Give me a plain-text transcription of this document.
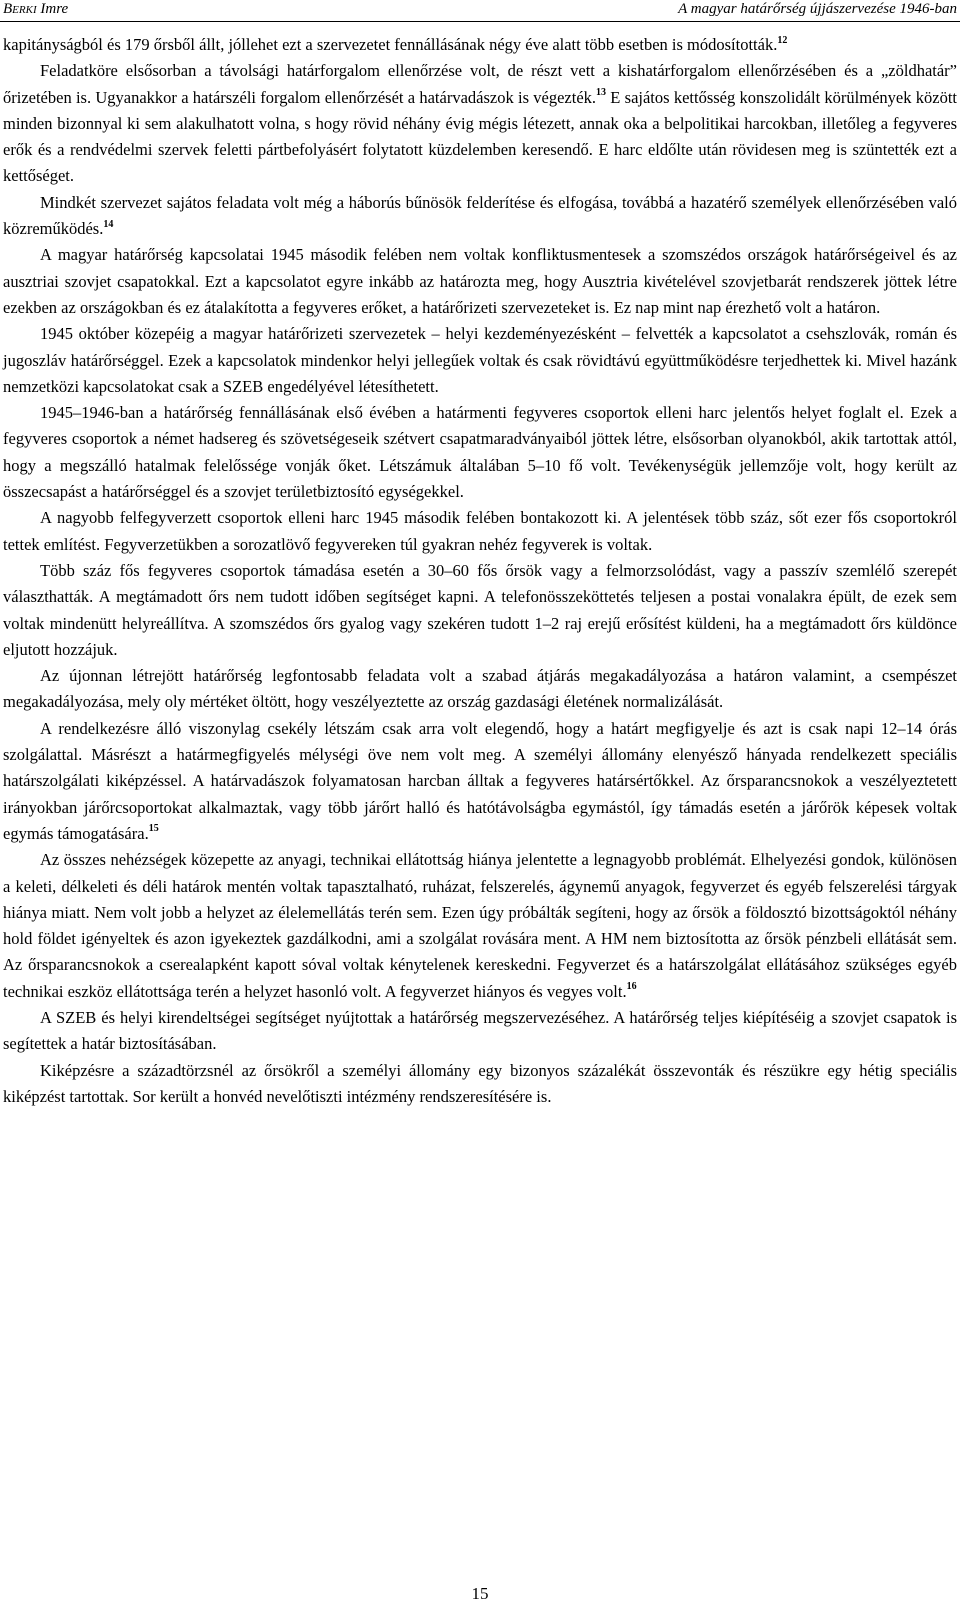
BERKI Imre	A magyar határőrség újjászervezése 1946-ban

kapitányságból és 179 őrsből állt, jóllehet ezt a szervezetet fennállásának négy éve alatt több esetben is módosították.$^{12}$

Feladatköre elsősorban a távolsági határforgalom ellenőrzése volt, de részt vett a kishatárforgalom ellenőrzésében és a „zöldhatár” őrizetében is. Ugyanakkor a határszéli forgalom ellenőrzését a határvadászok is végezték.$^{13}$ E sajátos kettősség konszolidált körülmények között minden bizonnyal ki sem alakulhatott volna, s hogy rövid néhány évig mégis létezett, annak oka a belpolitikai harcokban, illetőleg a fegyveres erők és a rendvédelmi szervek feletti pártbefolyásért folytatott küzdelemben keresendő. E harc eldőlte után rövidesen meg is szüntették ezt a kettőséget.

Mindkét szervezet sajátos feladata volt még a háborús bűnösök felderítése és elfogása, továbbá a hazatérő személyek ellenőrzésében való közreműködés.$^{14}$

A magyar határőrség kapcsolatai 1945 második felében nem voltak konfliktusmentesek a szomszédos országok határőrségeivel és az ausztriai szovjet csapatokkal. Ezt a kapcsolatot egyre inkább az határozta meg, hogy Ausztria kivételével szovjetbarát rendszerek jöttek létre ezekben az országokban és ez átalakította a fegyveres erőket, a határőrizeti szervezeteket is. Ez nap mint nap érezhető volt a határon.

1945 október közepéig a magyar határőrizeti szervezetek – helyi kezdeményezésként – felvették a kapcsolatot a csehszlovák, román és jugoszláv határőrséggel. Ezek a kapcsolatok mindenkor helyi jellegűek voltak és csak rövidtávú együttműködésre terjedhettek ki. Mivel hazánk nemzetközi kapcsolatokat csak a SZEB engedélyével létesíthetett.

1945–1946-ban a határőrség fennállásának első évében a határmenti fegyveres csoportok elleni harc jelentős helyet foglalt el. Ezek a fegyveres csoportok a német hadsereg és szövetségeseik szétvert csapatmaradványaiból jöttek létre, elsősorban olyanokból, akik tartottak attól, hogy a megszálló hatalmak felelőssége vonják őket. Létszámuk általában 5–10 fő volt. Tevékenységük jellemzője volt, hogy került az összecsapást a határőrséggel és a szovjet területbiztosító egységekkel.

A nagyobb felfegyverzett csoportok elleni harc 1945 második felében bontakozott ki. A jelentések több száz, sőt ezer fős csoportokról tettek említést. Fegyverzetükben a sorozatlövő fegyvereken túl gyakran nehéz fegyverek is voltak.

Több száz fős fegyveres csoportok támadása esetén a 30–60 fős őrsök vagy a felmorzsolódást, vagy a passzív szemlélő szerepét választhatták. A megtámadott őrs nem tudott időben segítséget kapni. A telefonösszeköttetés teljesen a postai vonalakra épült, de ezek sem voltak mindenütt helyreállítva. A szomszédos őrs gyalog vagy szekéren tudott 1–2 raj erejű erősítést küldeni, ha a megtámadott őrs küldönce eljutott hozzájuk.

Az újonnan létrejött határőrség legfontosabb feladata volt a szabad átjárás megakadályozása a határon valamint, a csempészet megakadályozása, mely oly mértéket öltött, hogy veszélyeztette az ország gazdasági életének normalizálását.

A rendelkezésre álló viszonylag csekély létszám csak arra volt elegendő, hogy a határt megfigyelje és azt is csak napi 12–14 órás szolgálattal. Másrészt a határmegfigyelés mélységi öve nem volt meg. A személyi állomány elenyésző hányada rendelkezett speciális határszolgálati kiképzéssel. A határvadászok folyamatosan harcban álltak a fegyveres határsértőkkel. Az őrsparancsnokok a veszélyeztetett irányokban járőrcsoportokat alkalmaztak, vagy több járőrt halló és hatótávolságba egymástól, így támadás esetén a járőrök képesek voltak egymás támogatására.$^{15}$

Az összes nehézségek közepette az anyagi, technikai ellátottság hiánya jelentette a legnagyobb problémát. Elhelyezési gondok, különösen a keleti, délkeleti és déli határok mentén voltak tapasztalható, ruházat, felszerelés, ágynemű anyagok, fegyverzet és egyéb felszerelési tárgyak hiánya miatt. Nem volt jobb a helyzet az élelemellátás terén sem. Ezen úgy próbálták segíteni, hogy az őrsök a földosztó bizottságoktól néhány hold földet igényeltek és azon igyekeztek gazdálkodni, ami a szolgálat rovására ment. A HM nem biztosította az őrsök pénzbeli ellátását sem. Az őrsparancsnokok a cserealapként kapott sóval voltak kénytelenek kereskedni. Fegyverzet és a határszolgálat ellátásához szükséges egyéb technikai eszköz ellátottsága terén a helyzet hasonló volt. A fegyverzet hiányos és vegyes volt.$^{16}$

A SZEB és helyi kirendeltségei segítséget nyújtottak a határőrség megszervezéséhez. A határőrség teljes kiépítéséig a szovjet csapatok is segítettek a határ biztosításában.

Kiképzésre a századtörzsnél az őrsökről a személyi állomány egy bizonyos százalékát összevonták és részükre egy hétig speciális kiképzést tartottak. Sor került a honvéd nevelőtiszti intézmény rendszeresítésére is.

15
